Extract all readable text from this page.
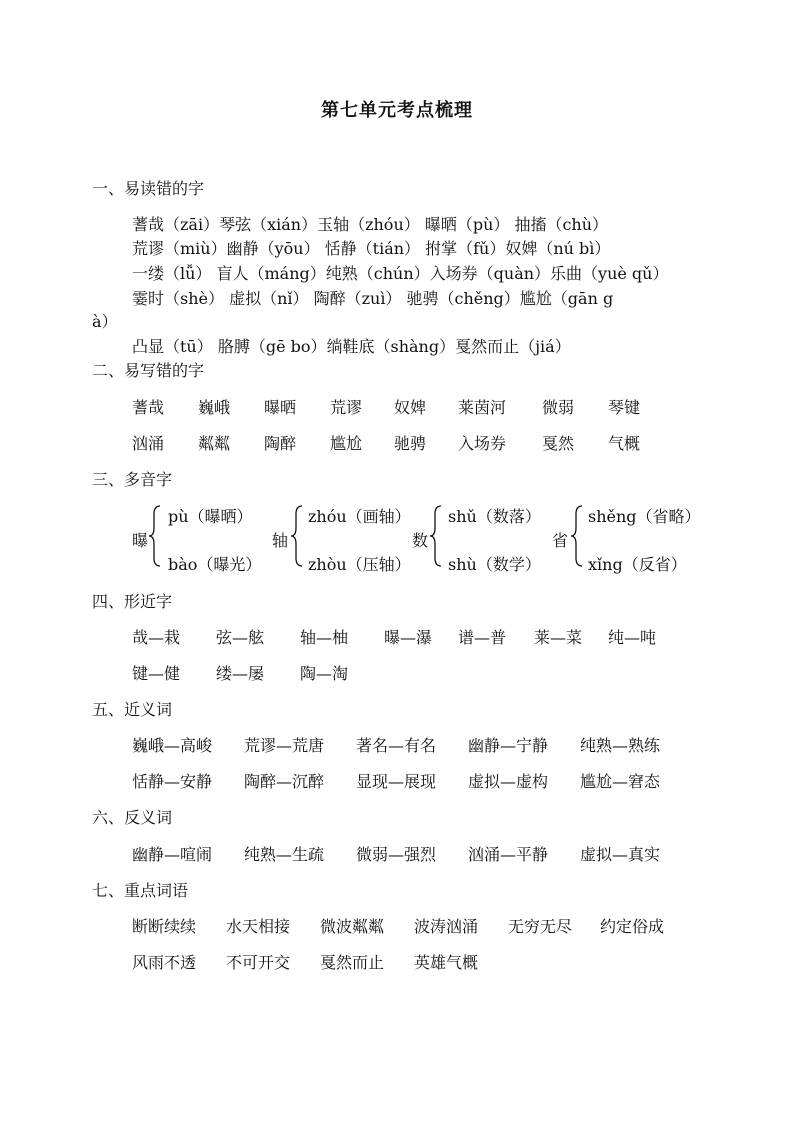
第七单元考点梳理
一、易读错的字
蓍哉（zāi）琴弦（xián）玉轴（zhóu） 曝晒（pù） 抽搐（chù）
荒谬（miù）幽静（yōu） 恬静（tián） 拊掌（fǔ）奴婢（nú bì）
一缕（lǚ） 盲人（máng）纯熟（chún）入场券（quàn）乐曲（yuè qǔ）
霎时（shè） 虚拟（nǐ） 陶醉（zuì） 驰骋（chěng）尴尬（gān g
à）
凸显（tū） 胳膊（gē bo）绱鞋底（shàng）戛然而止（jiá）
二、易写错的字
蓍哉	巍峨	曝晒	荒谬	奴婢	莱茵河	微弱	琴键
汹涌	粼粼	陶醉	尴尬	驰骋	入场券	戛然	气概
三、多音字
曝
pù（曝晒）
bào（曝光）
轴
zhóu（画轴）
zhòu（压轴）
数
shǔ（数落）
shù（数学）
省
shěng（省略）
xǐng（反省）
四、形近字
哉—栽	弦—舷	轴—柚	曝—瀑	谱—普	莱—菜	纯—吨
键—健	缕—屡	陶—淘
五、近义词
巍峨—高峻	荒谬—荒唐	著名—有名	幽静—宁静	纯熟—熟练
恬静—安静	陶醉—沉醉	显现—展现	虚拟—虚构	尴尬—窘态
六、反义词
幽静—喧闹	纯熟—生疏	微弱—强烈	汹涌—平静	虚拟—真实
七、重点词语
断断续续	水天相接	微波粼粼	波涛汹涌	无穷无尽	约定俗成
风雨不透	不可开交	戛然而止	英雄气概
